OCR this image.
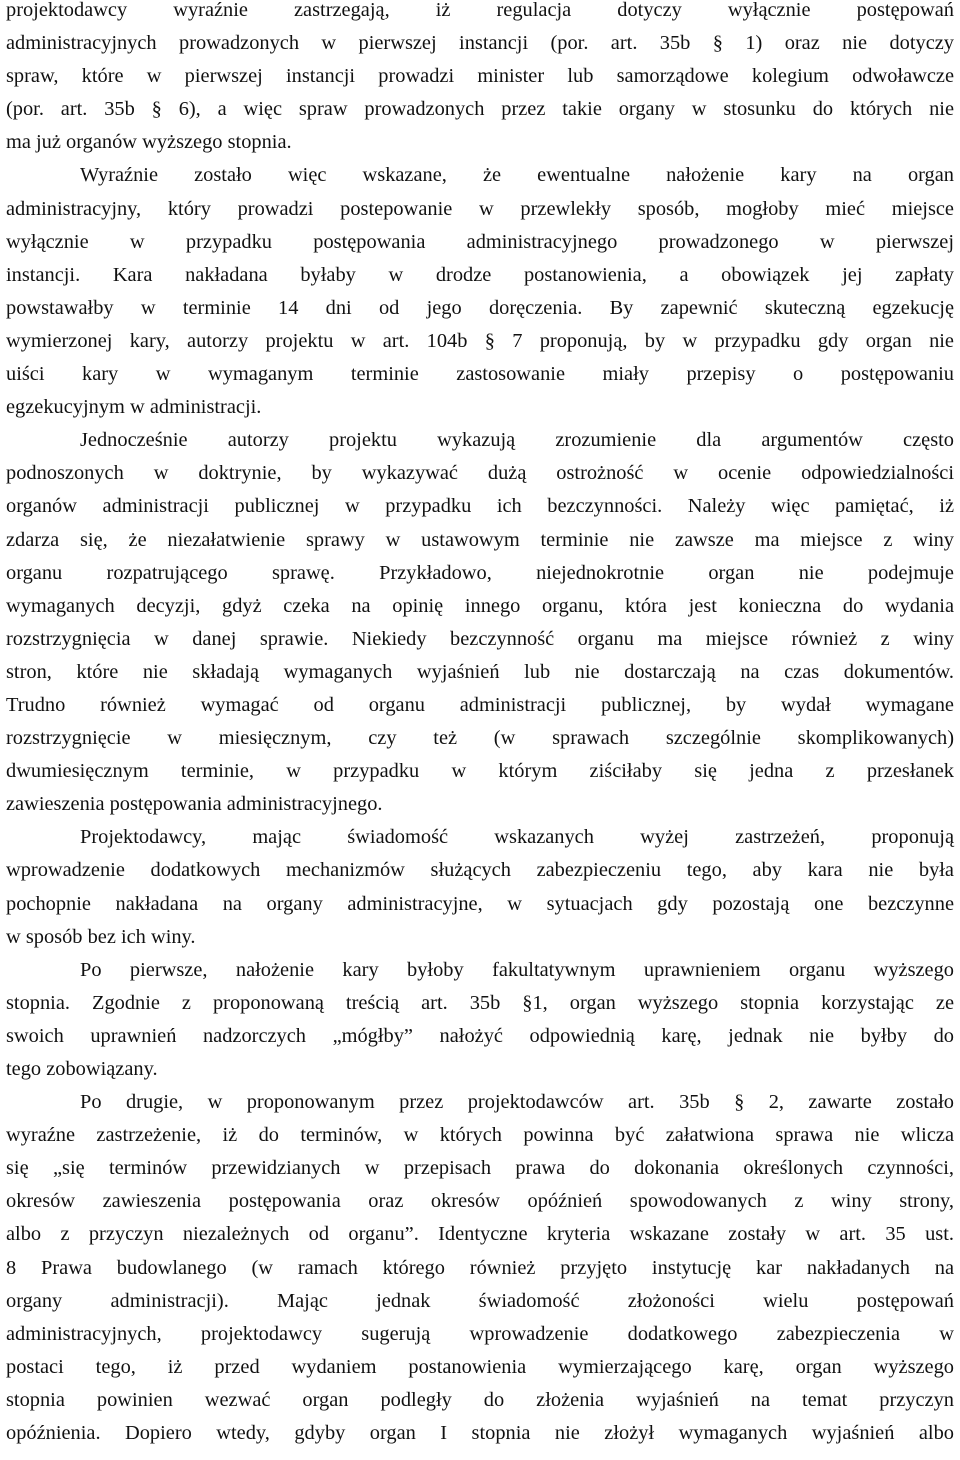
projektodawcy wyraźnie zastrzegają, iż regulacja dotyczy wyłącznie postępowań
administracyjnych prowadzonych w pierwszej instancji (por. art. 35b § 1) oraz nie dotyczy
spraw, które w pierwszej instancji prowadzi minister lub samorządowe kolegium odwoławcze
(por. art. 35b § 6), a więc spraw prowadzonych przez takie organy w stosunku do których nie
ma już organów wyższego stopnia.
Wyraźnie zostało więc wskazane, że ewentualne nałożenie kary na organ
administracyjny, który prowadzi postepowanie w przewlekły sposób, mogłoby mieć miejsce
wyłącznie w przypadku postępowania administracyjnego prowadzonego w pierwszej
instancji. Kara nakładana byłaby w drodze postanowienia, a obowiązek jej zapłaty
powstawałby w terminie 14 dni od jego doręczenia. By zapewnić skuteczną egzekucję
wymierzonej kary, autorzy projektu w art. 104b § 7 proponują, by w przypadku gdy organ nie
uiści kary w wymaganym terminie zastosowanie miały przepisy o postępowaniu
egzekucyjnym w administracji.
Jednocześnie autorzy projektu wykazują zrozumienie dla argumentów często
podnoszonych w doktrynie, by wykazywać dużą ostrożność w ocenie odpowiedzialności
organów administracji publicznej w przypadku ich bezczynności. Należy więc pamiętać, iż
zdarza się, że niezałatwienie sprawy w ustawowym terminie nie zawsze ma miejsce z winy
organu rozpatrującego sprawę. Przykładowo, niejednokrotnie organ nie podejmuje
wymaganych decyzji, gdyż czeka na opinię innego organu, która jest konieczna do wydania
rozstrzygnięcia w danej sprawie. Niekiedy bezczynność organu ma miejsce również z winy
stron, które nie składają wymaganych wyjaśnień lub nie dostarczają na czas dokumentów.
Trudno również wymagać od organu administracji publicznej, by wydał wymagane
rozstrzygnięcie w miesięcznym, czy też (w sprawach szczególnie skomplikowanych)
dwumiesięcznym terminie, w przypadku w którym ziściłaby się jedna z przesłanek
zawieszenia postępowania administracyjnego.
Projektodawcy, mając świadomość wskazanych wyżej zastrzeżeń, proponują
wprowadzenie dodatkowych mechanizmów służących zabezpieczeniu tego, aby kara nie była
pochopnie nakładana na organy administracyjne, w sytuacjach gdy pozostają one bezczynne
w sposób bez ich winy.
Po pierwsze, nałożenie kary byłoby fakultatywnym uprawnieniem organu wyższego
stopnia. Zgodnie z proponowaną treścią art. 35b §1, organ wyższego stopnia korzystając ze
swoich uprawnień nadzorczych „mógłby” nałożyć odpowiednią karę, jednak nie byłby do
tego zobowiązany.
Po drugie, w proponowanym przez projektodawców art. 35b § 2, zawarte zostało
wyraźne zastrzeżenie, iż do terminów, w których powinna być załatwiona sprawa nie wlicza
się „się terminów przewidzianych w przepisach prawa do dokonania określonych czynności,
okresów zawieszenia postępowania oraz okresów opóźnień spowodowanych z winy strony,
albo z przyczyn niezależnych od organu”. Identyczne kryteria wskazane zostały w art. 35 ust.
8 Prawa budowlanego (w ramach którego również przyjęto instytucję kar nakładanych na
organy administracji). Mając jednak świadomość złożoności wielu postępowań
administracyjnych, projektodawcy sugerują wprowadzenie dodatkowego zabezpieczenia w
postaci tego, iż przed wydaniem postanowienia wymierzającego karę, organ wyższego
stopnia powinien wezwać organ podległy do złożenia wyjaśnień na temat przyczyn
opóźnienia. Dopiero wtedy, gdyby organ I stopnia nie złożył wymaganych wyjaśnień albo
